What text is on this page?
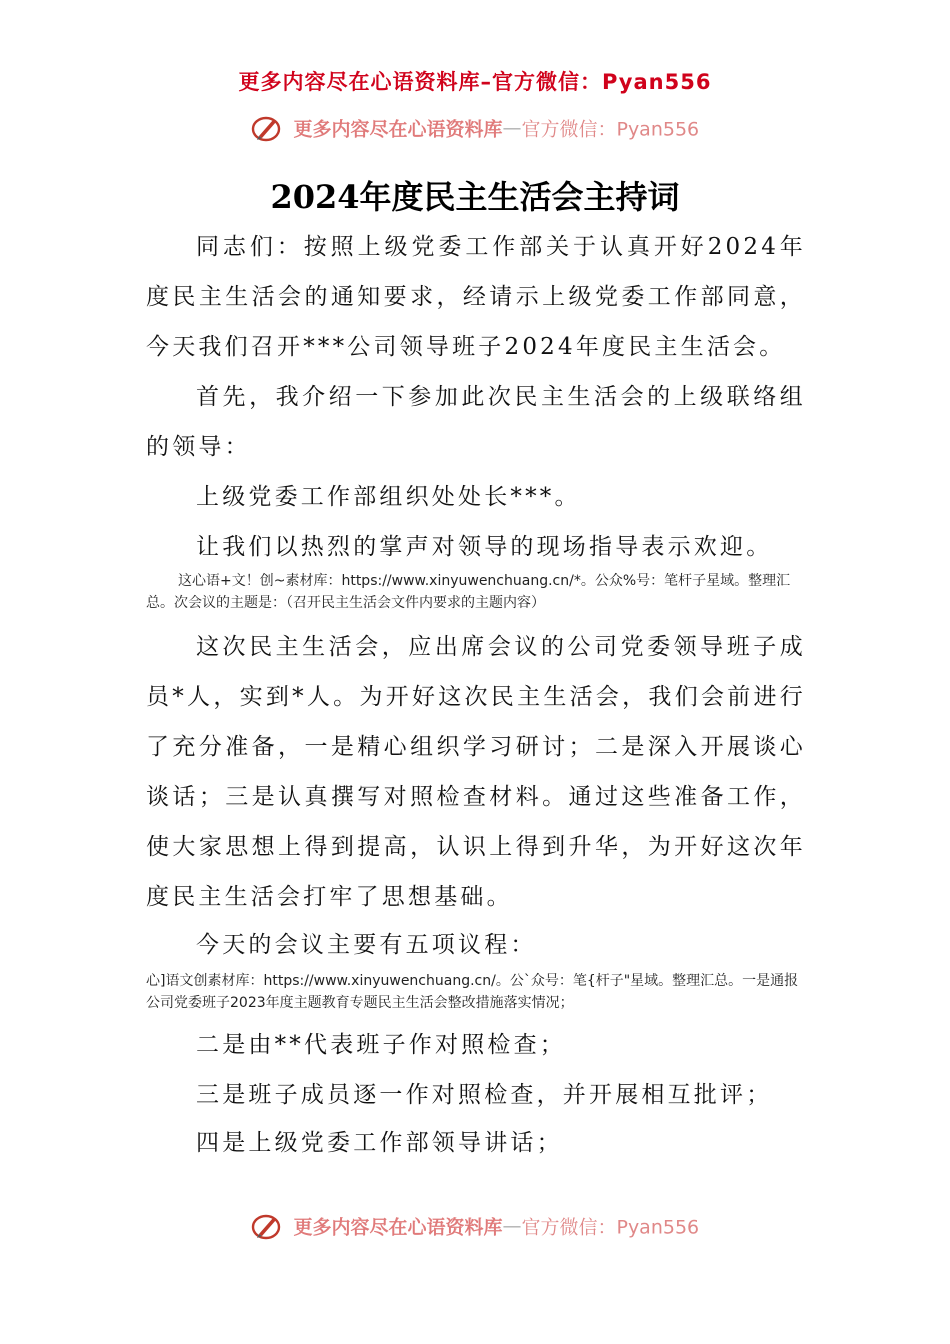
更多内容尽在心语资料库–官方微信：Pyan556
更多内容尽在心语资料库—官方微信：Pyan556
2024年度民主生活会主持词
同志们：按照上级党委工作部关于认真开好2024年度民主生活会的通知要求，经请示上级党委工作部同意，今天我们召开***公司领导班子2024年度民主生活会。
首先，我介绍一下参加此次民主生活会的上级联络组的领导：
上级党委工作部组织处处长***。
让我们以热烈的掌声对领导的现场指导表示欢迎。
这心语+文！创~素材库：https://www.xinyuwenchuang.cn/*。公众%号：笔杆子星域。整理汇总。次会议的主题是：（召开民主生活会文件内要求的主题内容）
这次民主生活会，应出席会议的公司党委领导班子成员*人，实到*人。为开好这次民主生活会，我们会前进行了充分准备，一是精心组织学习研讨；二是深入开展谈心谈话；三是认真撰写对照检查材料。通过这些准备工作，使大家思想上得到提高，认识上得到升华，为开好这次年度民主生活会打牢了思想基础。
今天的会议主要有五项议程：
心]语文创素材库：https://www.xinyuwenchuang.cn/。公`众号：笔{杆子"星域。整理汇总。一是通报公司党委班子2023年度主题教育专题民主生活会整改措施落实情况；
二是由**代表班子作对照检查；
三是班子成员逐一作对照检查，并开展相互批评；
四是上级党委工作部领导讲话；
更多内容尽在心语资料库—官方微信：Pyan556
